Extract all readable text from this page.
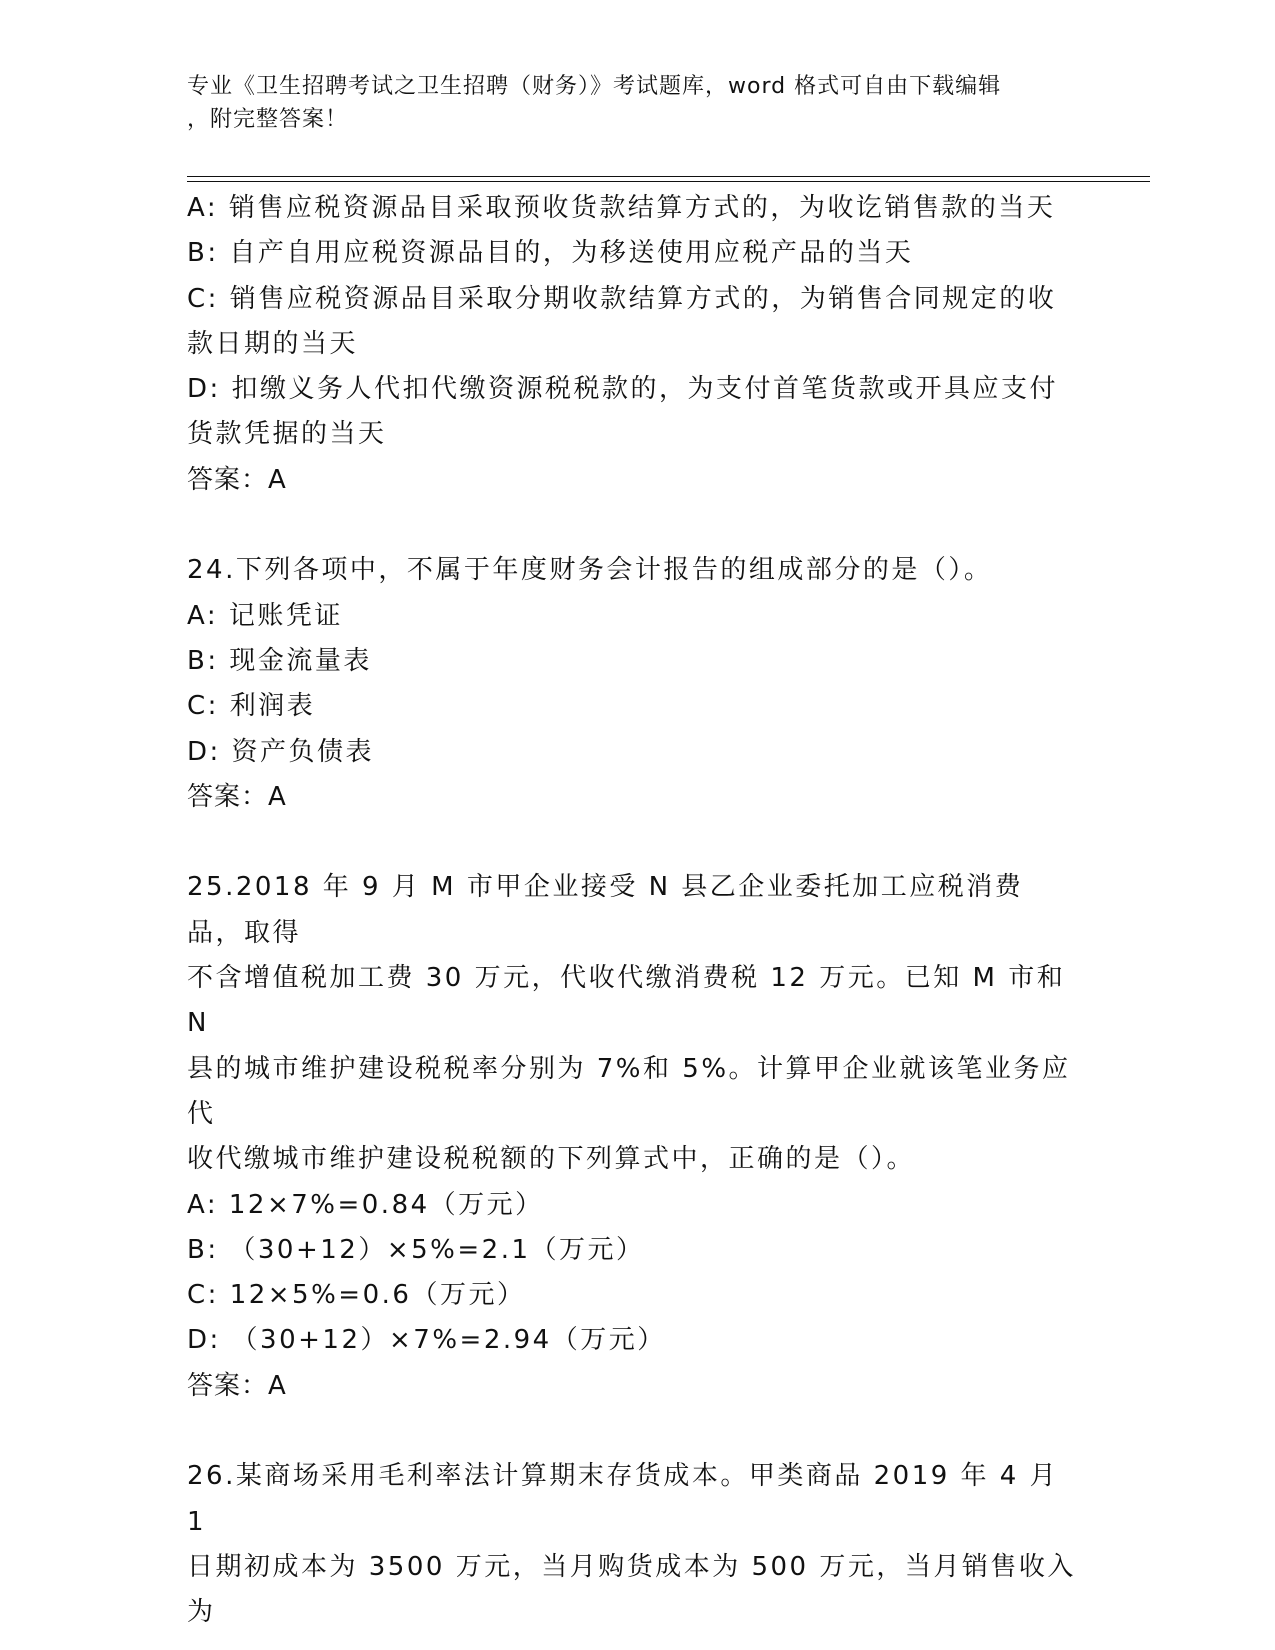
专业《卫生招聘考试之卫生招聘（财务）》考试题库，word 格式可自由下载编辑
，附完整答案！
A: 销售应税资源品目采取预收货款结算方式的，为收讫销售款的当天
B: 自产自用应税资源品目的，为移送使用应税产品的当天
C: 销售应税资源品目采取分期收款结算方式的，为销售合同规定的收
款日期的当天
D: 扣缴义务人代扣代缴资源税税款的，为支付首笔货款或开具应支付
货款凭据的当天
答案：A
24.下列各项中，不属于年度财务会计报告的组成部分的是（）。
A: 记账凭证
B: 现金流量表
C: 利润表
D: 资产负债表
答案：A
25.2018 年 9 月 M 市甲企业接受 N 县乙企业委托加工应税消费品，取得
不含增值税加工费 30 万元，代收代缴消费税 12 万元。已知 M 市和 N
县的城市维护建设税税率分别为 7%和 5%。计算甲企业就该笔业务应代
收代缴城市维护建设税税额的下列算式中，正确的是（）。
A: 12×7%=0.84（万元）
B: （30+12）×5%=2.1（万元）
C: 12×5%=0.6（万元）
D: （30+12）×7%=2.94（万元）
答案：A
26.某商场采用毛利率法计算期末存货成本。甲类商品 2019 年 4 月 1
日期初成本为 3500 万元，当月购货成本为 500 万元，当月销售收入为
